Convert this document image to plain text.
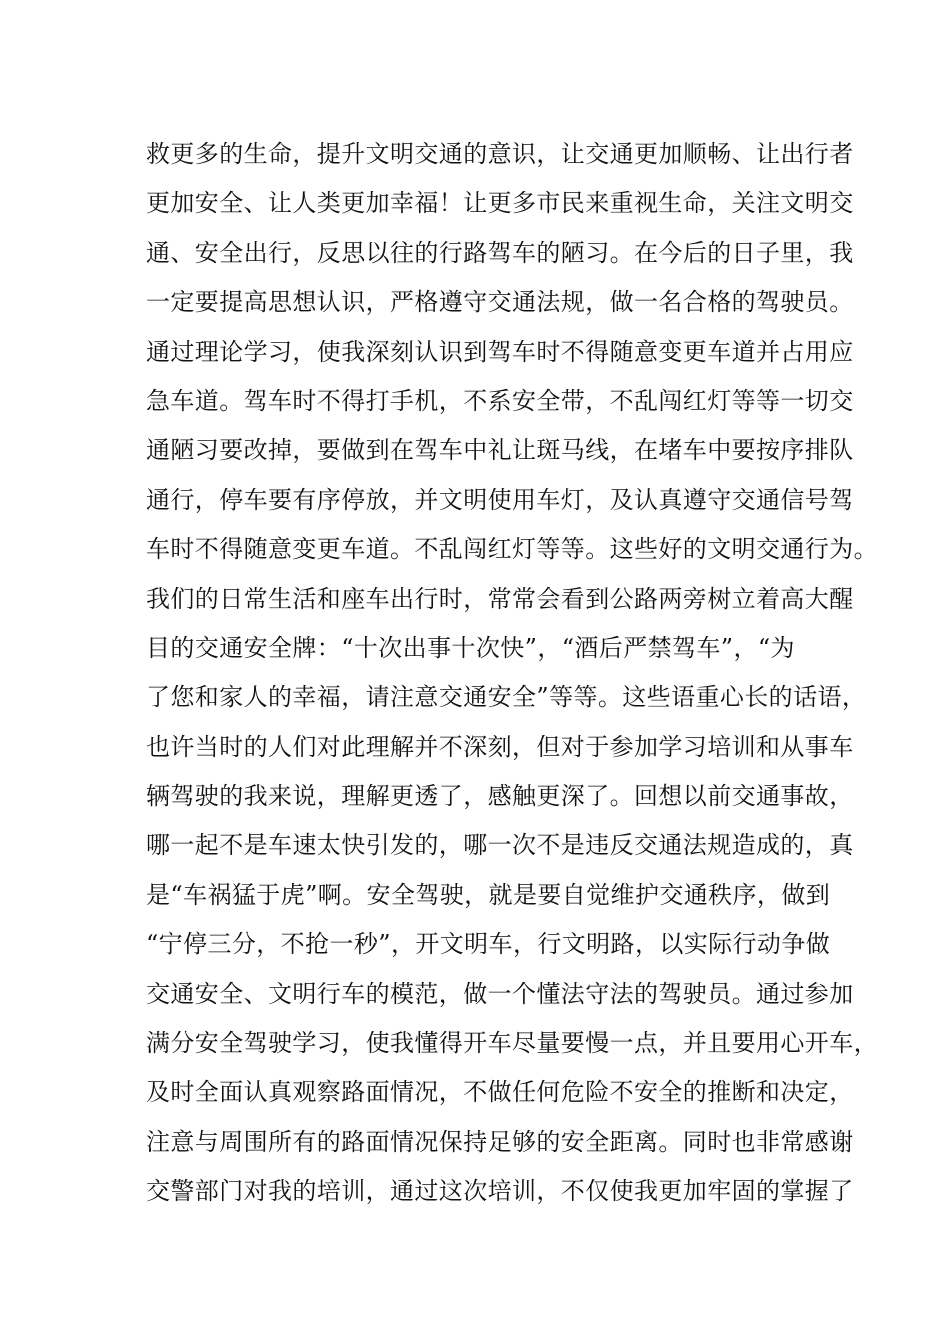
救更多的生命，提升文明交通的意识，让交通更加顺畅、让出行者
更加安全、让人类更加幸福！让更多市民来重视生命，关注文明交
通、安全出行，反思以往的行路驾车的陋习。在今后的日子里，我
一定要提高思想认识，严格遵守交通法规，做一名合格的驾驶员。
通过理论学习，使我深刻认识到驾车时不得随意变更车道并占用应
急车道。驾车时不得打手机，不系安全带，不乱闯红灯等等一切交
通陋习要改掉，要做到在驾车中礼让斑马线，在堵车中要按序排队
通行，停车要有序停放，并文明使用车灯，及认真遵守交通信号驾
车时不得随意变更车道。不乱闯红灯等等。这些好的文明交通行为。
我们的日常生活和座车出行时，常常会看到公路两旁树立着高大醒
目的交通安全牌：“十次出事十次快”，“酒后严禁驾车”，“为
了您和家人的幸福，请注意交通安全”等等。这些语重心长的话语，
也许当时的人们对此理解并不深刻，但对于参加学习培训和从事车
辆驾驶的我来说，理解更透了，感触更深了。回想以前交通事故，
哪一起不是车速太快引发的，哪一次不是违反交通法规造成的，真
是“车祸猛于虎”啊。安全驾驶，就是要自觉维护交通秩序，做到
“宁停三分，不抢一秒”，开文明车，行文明路，以实际行动争做
交通安全、文明行车的模范，做一个懂法守法的驾驶员。通过参加
满分安全驾驶学习，使我懂得开车尽量要慢一点，并且要用心开车，
及时全面认真观察路面情况，不做任何危险不安全的推断和决定，
注意与周围所有的路面情况保持足够的安全距离。同时也非常感谢
交警部门对我的培训，通过这次培训，不仅使我更加牢固的掌握了
